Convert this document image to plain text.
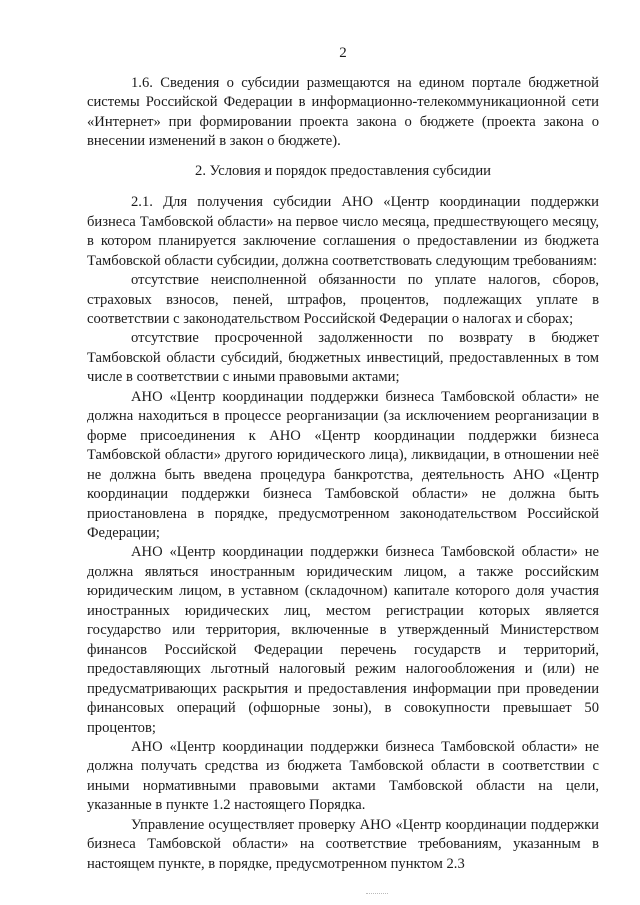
2

1.6. Сведения о субсидии размещаются на едином портале бюджетной системы Российской Федерации в информационно-телекоммуникационной сети «Интернет» при формировании проекта закона о бюджете (проекта закона о внесении изменений в закон о бюджете).

2. Условия и порядок предоставления субсидии

2.1. Для получения субсидии АНО «Центр координации поддержки бизнеса Тамбовской области» на первое число месяца, предшествующего месяцу, в котором планируется заключение соглашения о предоставлении из бюджета Тамбовской области субсидии, должна соответствовать следующим требованиям:

отсутствие неисполненной обязанности по уплате налогов, сборов, страховых взносов, пеней, штрафов, процентов, подлежащих уплате в соответствии с законодательством Российской Федерации о налогах и сборах;

отсутствие просроченной задолженности по возврату в бюджет Тамбовской области субсидий, бюджетных инвестиций, предоставленных в том числе в соответствии с иными правовыми актами;

АНО «Центр координации поддержки бизнеса Тамбовской области» не должна находиться в процессе реорганизации (за исключением реорганизации в форме присоединения к АНО «Центр координации поддержки бизнеса Тамбовской области» другого юридического лица), ликвидации, в отношении неё не должна быть введена процедура банкротства, деятельность АНО «Центр координации поддержки бизнеса Тамбовской области» не должна быть приостановлена в порядке, предусмотренном законодательством Российской Федерации;

АНО «Центр координации поддержки бизнеса Тамбовской области» не должна являться иностранным юридическим лицом, а также российским юридическим лицом, в уставном (складочном) капитале которого доля участия иностранных юридических лиц, местом регистрации которых является государство или территория, включенные в утвержденный Министерством финансов Российской Федерации перечень государств и территорий, предоставляющих льготный налоговый режим налогообложения и (или) не предусматривающих раскрытия и предоставления информации при проведении финансовых операций (офшорные зоны), в совокупности превышает 50 процентов;

АНО «Центр координации поддержки бизнеса Тамбовской области» не должна получать средства из бюджета Тамбовской области в соответствии с иными нормативными правовыми актами Тамбовской области на цели, указанные в пункте 1.2 настоящего Порядка.

Управление осуществляет проверку АНО «Центр координации поддержки бизнеса Тамбовской области» на соответствие требованиям, указанным в настоящем пункте, в порядке, предусмотренном пунктом 2.3
